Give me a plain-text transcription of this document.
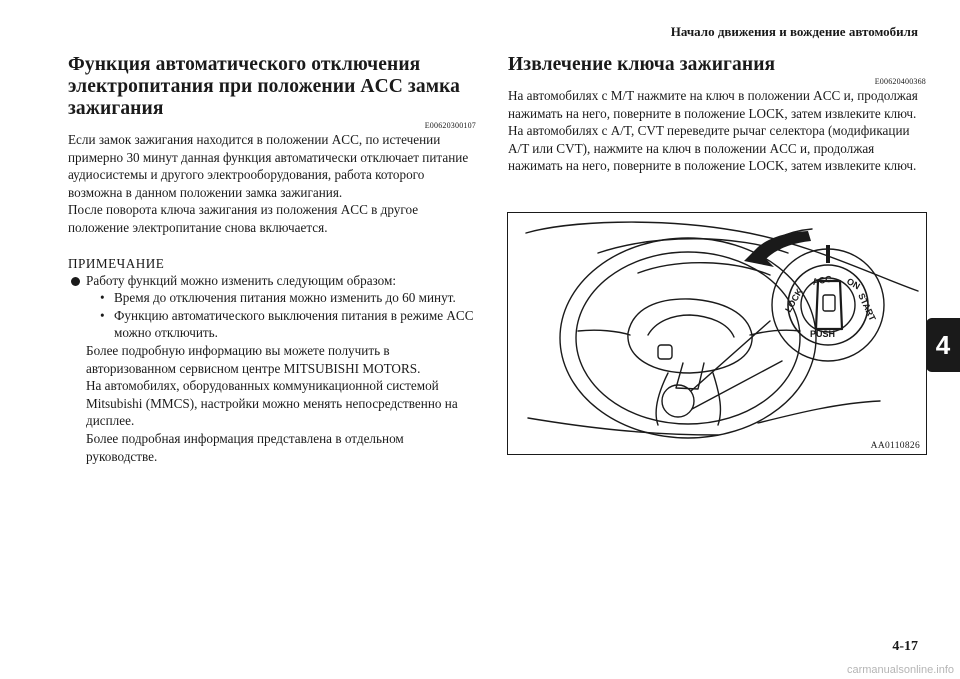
Начало движения и вождение автомобиля
4
Функция автоматического отключения электропитания при положении ACC замка зажигания
E00620300107

Если замок зажигания находится в положении ACC, по истечении примерно 30 минут данная функция автоматически отключает питание аудиосистемы и другого электрооборудования, работа которого возможна в данном положении замка зажигания.

После поворота ключа зажигания из положения ACC в другое положение электропитание снова включается.

ПРИМЕЧАНИЕ

Работу функций можно изменить следующим образом:

• Время до отключения питания можно изменить до 60 минут.

• Функцию автоматического выключения питания в режиме ACC можно отключить.

Более подробную информацию вы можете получить в авторизованном сервисном центре MITSUBISHI MOTORS.

На автомобилях, оборудованных коммуникационной системой Mitsubishi (MMCS), настройки можно менять непосредственно на дисплее.

Более подробная информация представлена в отдельном руководстве.

Извлечение ключа зажигания
E00620400368

На автомобилях с M/T нажмите на ключ в положении ACC и, продолжая нажимать на него, поверните в положение LOCK, затем извлеките ключ.

На автомобилях с A/T, CVT переведите рычаг селектора (модификации A/T или CVT), нажмите на ключ в положении ACC и, продолжая нажимать на него, поверните в положение LOCK, затем извлеките ключ.

LOCK
ACC ON
START
PUSH
AA0110826
4-17
carmanualsonline.info
